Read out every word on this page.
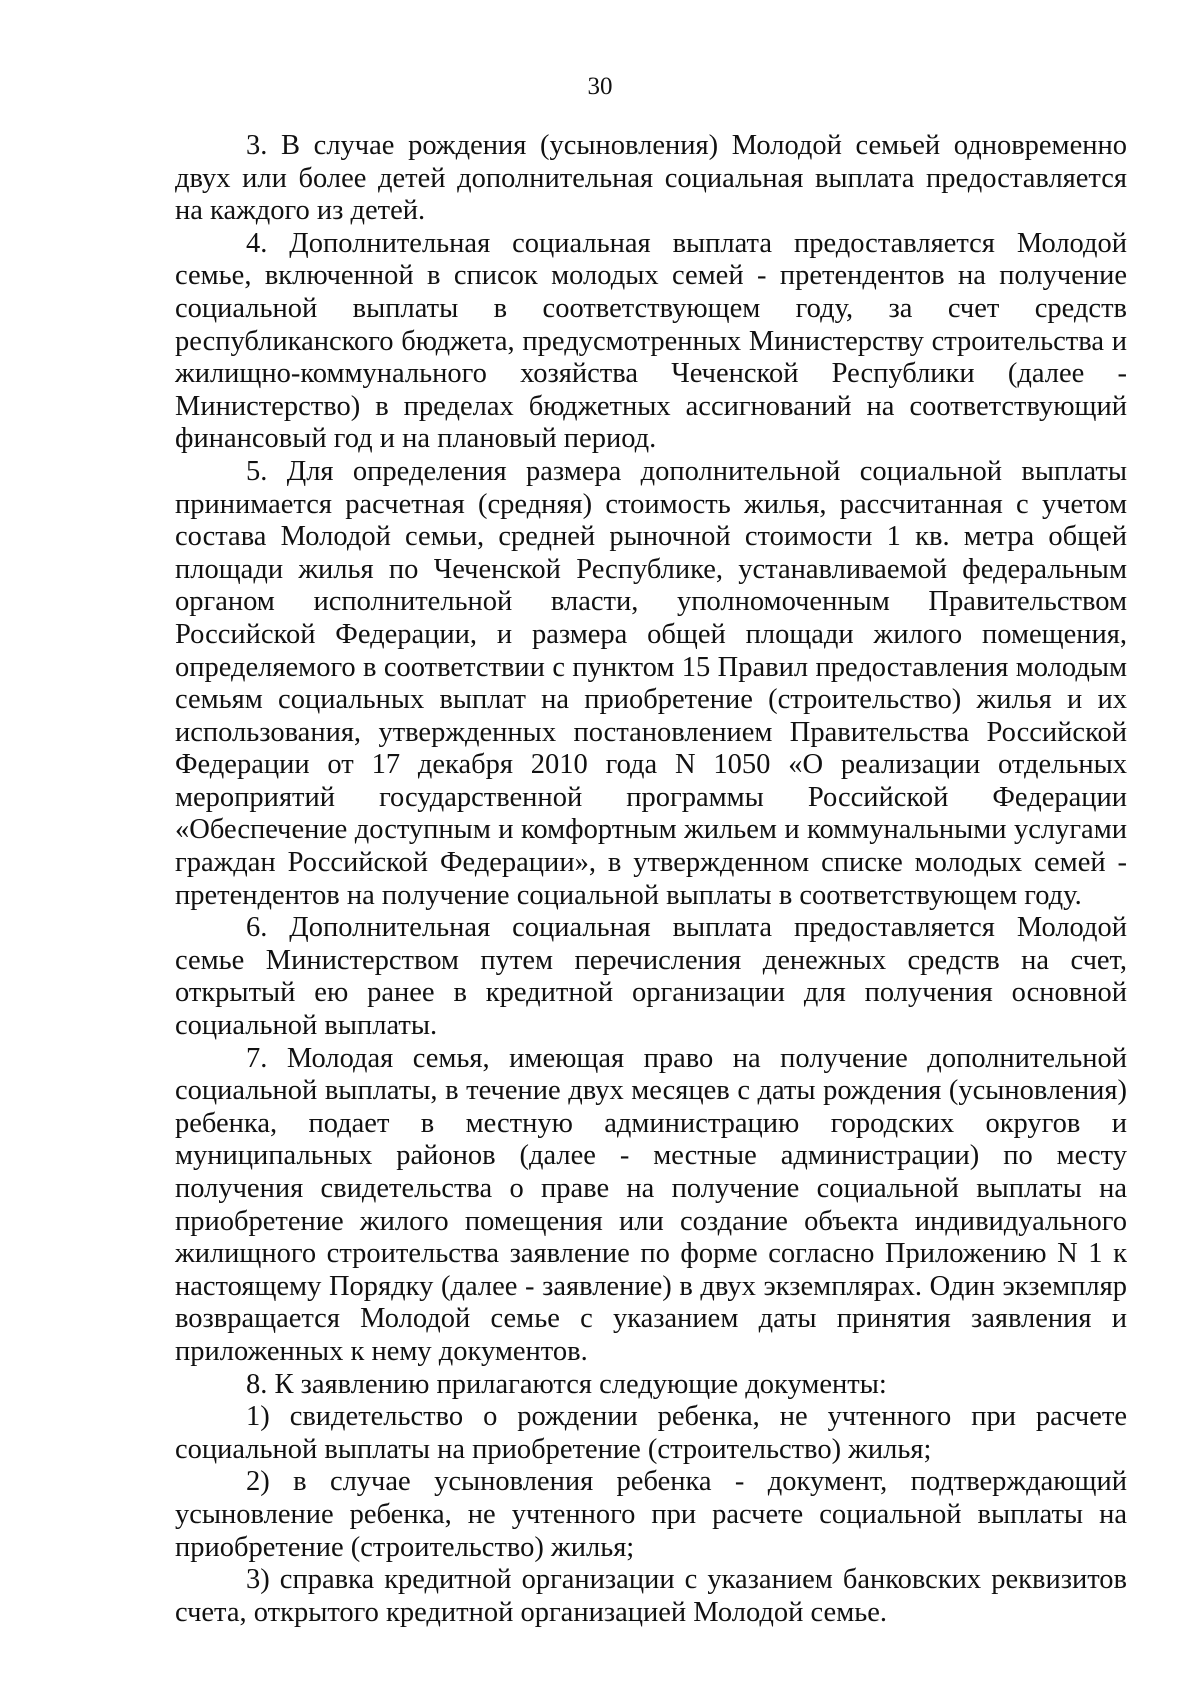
30

3. В случае рождения (усыновления) Молодой семьей одновременно двух или более детей дополнительная социальная выплата предоставляется на каждого из детей.

4. Дополнительная социальная выплата предоставляется Молодой семье, включенной в список молодых семей - претендентов на получение социальной выплаты в соответствующем году, за счет средств республиканского бюджета, предусмотренных Министерству строительства и жилищно-коммунального хозяйства Чеченской Республики (далее - Министерство) в пределах бюджетных ассигнований на соответствующий финансовый год и на плановый период.

5. Для определения размера дополнительной социальной выплаты принимается расчетная (средняя) стоимость жилья, рассчитанная с учетом состава Молодой семьи, средней рыночной стоимости 1 кв. метра общей площади жилья по Чеченской Республике, устанавливаемой федеральным органом исполнительной власти, уполномоченным Правительством Российской Федерации, и размера общей площади жилого помещения, определяемого в соответствии с пунктом 15 Правил предоставления молодым семьям социальных выплат на приобретение (строительство) жилья и их использования, утвержденных постановлением Правительства Российской Федерации от 17 декабря 2010 года N 1050 «О реализации отдельных мероприятий государственной программы Российской Федерации «Обеспечение доступным и комфортным жильем и коммунальными услугами граждан Российской Федерации», в утвержденном списке молодых семей - претендентов на получение социальной выплаты в соответствующем году.

6. Дополнительная социальная выплата предоставляется Молодой семье Министерством путем перечисления денежных средств на счет, открытый ею ранее в кредитной организации для получения основной социальной выплаты.

7. Молодая семья, имеющая право на получение дополнительной социальной выплаты, в течение двух месяцев с даты рождения (усыновления) ребенка, подает в местную администрацию городских округов и муниципальных районов (далее - местные администрации) по месту получения свидетельства о праве на получение социальной выплаты на приобретение жилого помещения или создание объекта индивидуального жилищного строительства заявление по форме согласно Приложению N 1 к настоящему Порядку (далее - заявление) в двух экземплярах. Один экземпляр возвращается Молодой семье с указанием даты принятия заявления и приложенных к нему документов.

8. К заявлению прилагаются следующие документы:

1) свидетельство о рождении ребенка, не учтенного при расчете социальной выплаты на приобретение (строительство) жилья;

2) в случае усыновления ребенка - документ, подтверждающий усыновление ребенка, не учтенного при расчете социальной выплаты на приобретение (строительство) жилья;

3) справка кредитной организации с указанием банковских реквизитов счета, открытого кредитной организацией Молодой семье.
